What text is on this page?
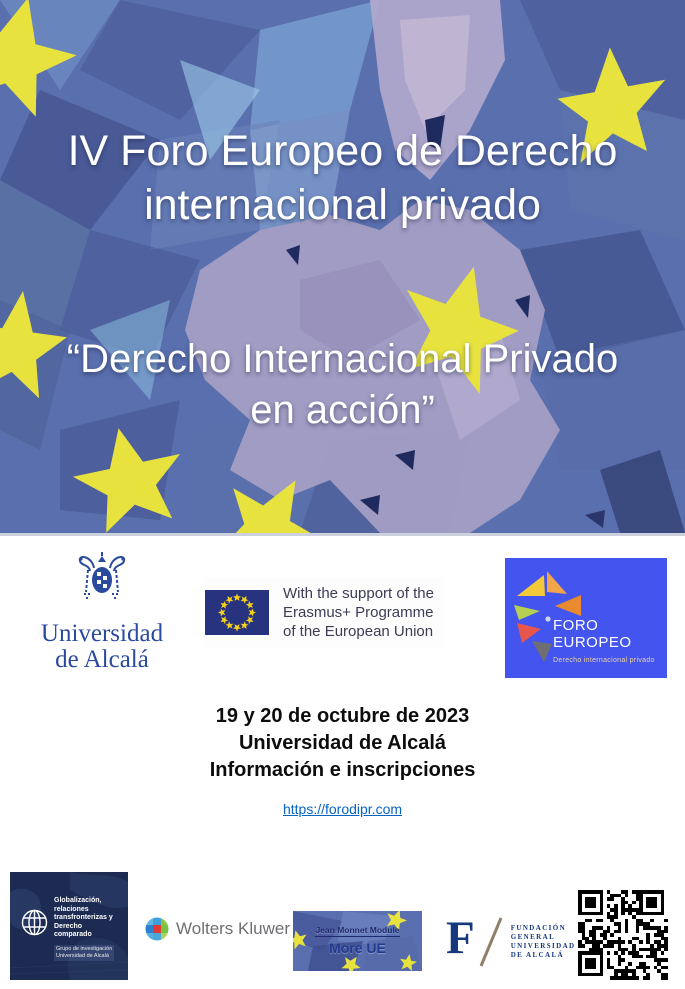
IV Foro Europeo de Derecho
internacional privado
“Derecho Internacional Privado
en acción”
Universidad
de Alcalá
With the support of the
Erasmus+ Programme
of the European Union	FORO
EUROPEO
Derecho internacional privado
19 y 20 de octubre de 2023
Universidad de Alcalá
Información e inscripciones
https://forodipr.com
Globalización,
relaciones
transfronterizas y
Derecho
comparado
Grupo de investigación
Universidad de Alcalá
Wolters Kluwer	Jean Monnet Module
More UE	F	FUNDACIÓN
GENERAL
UNIVERSIDAD
DE ALCALÁ
